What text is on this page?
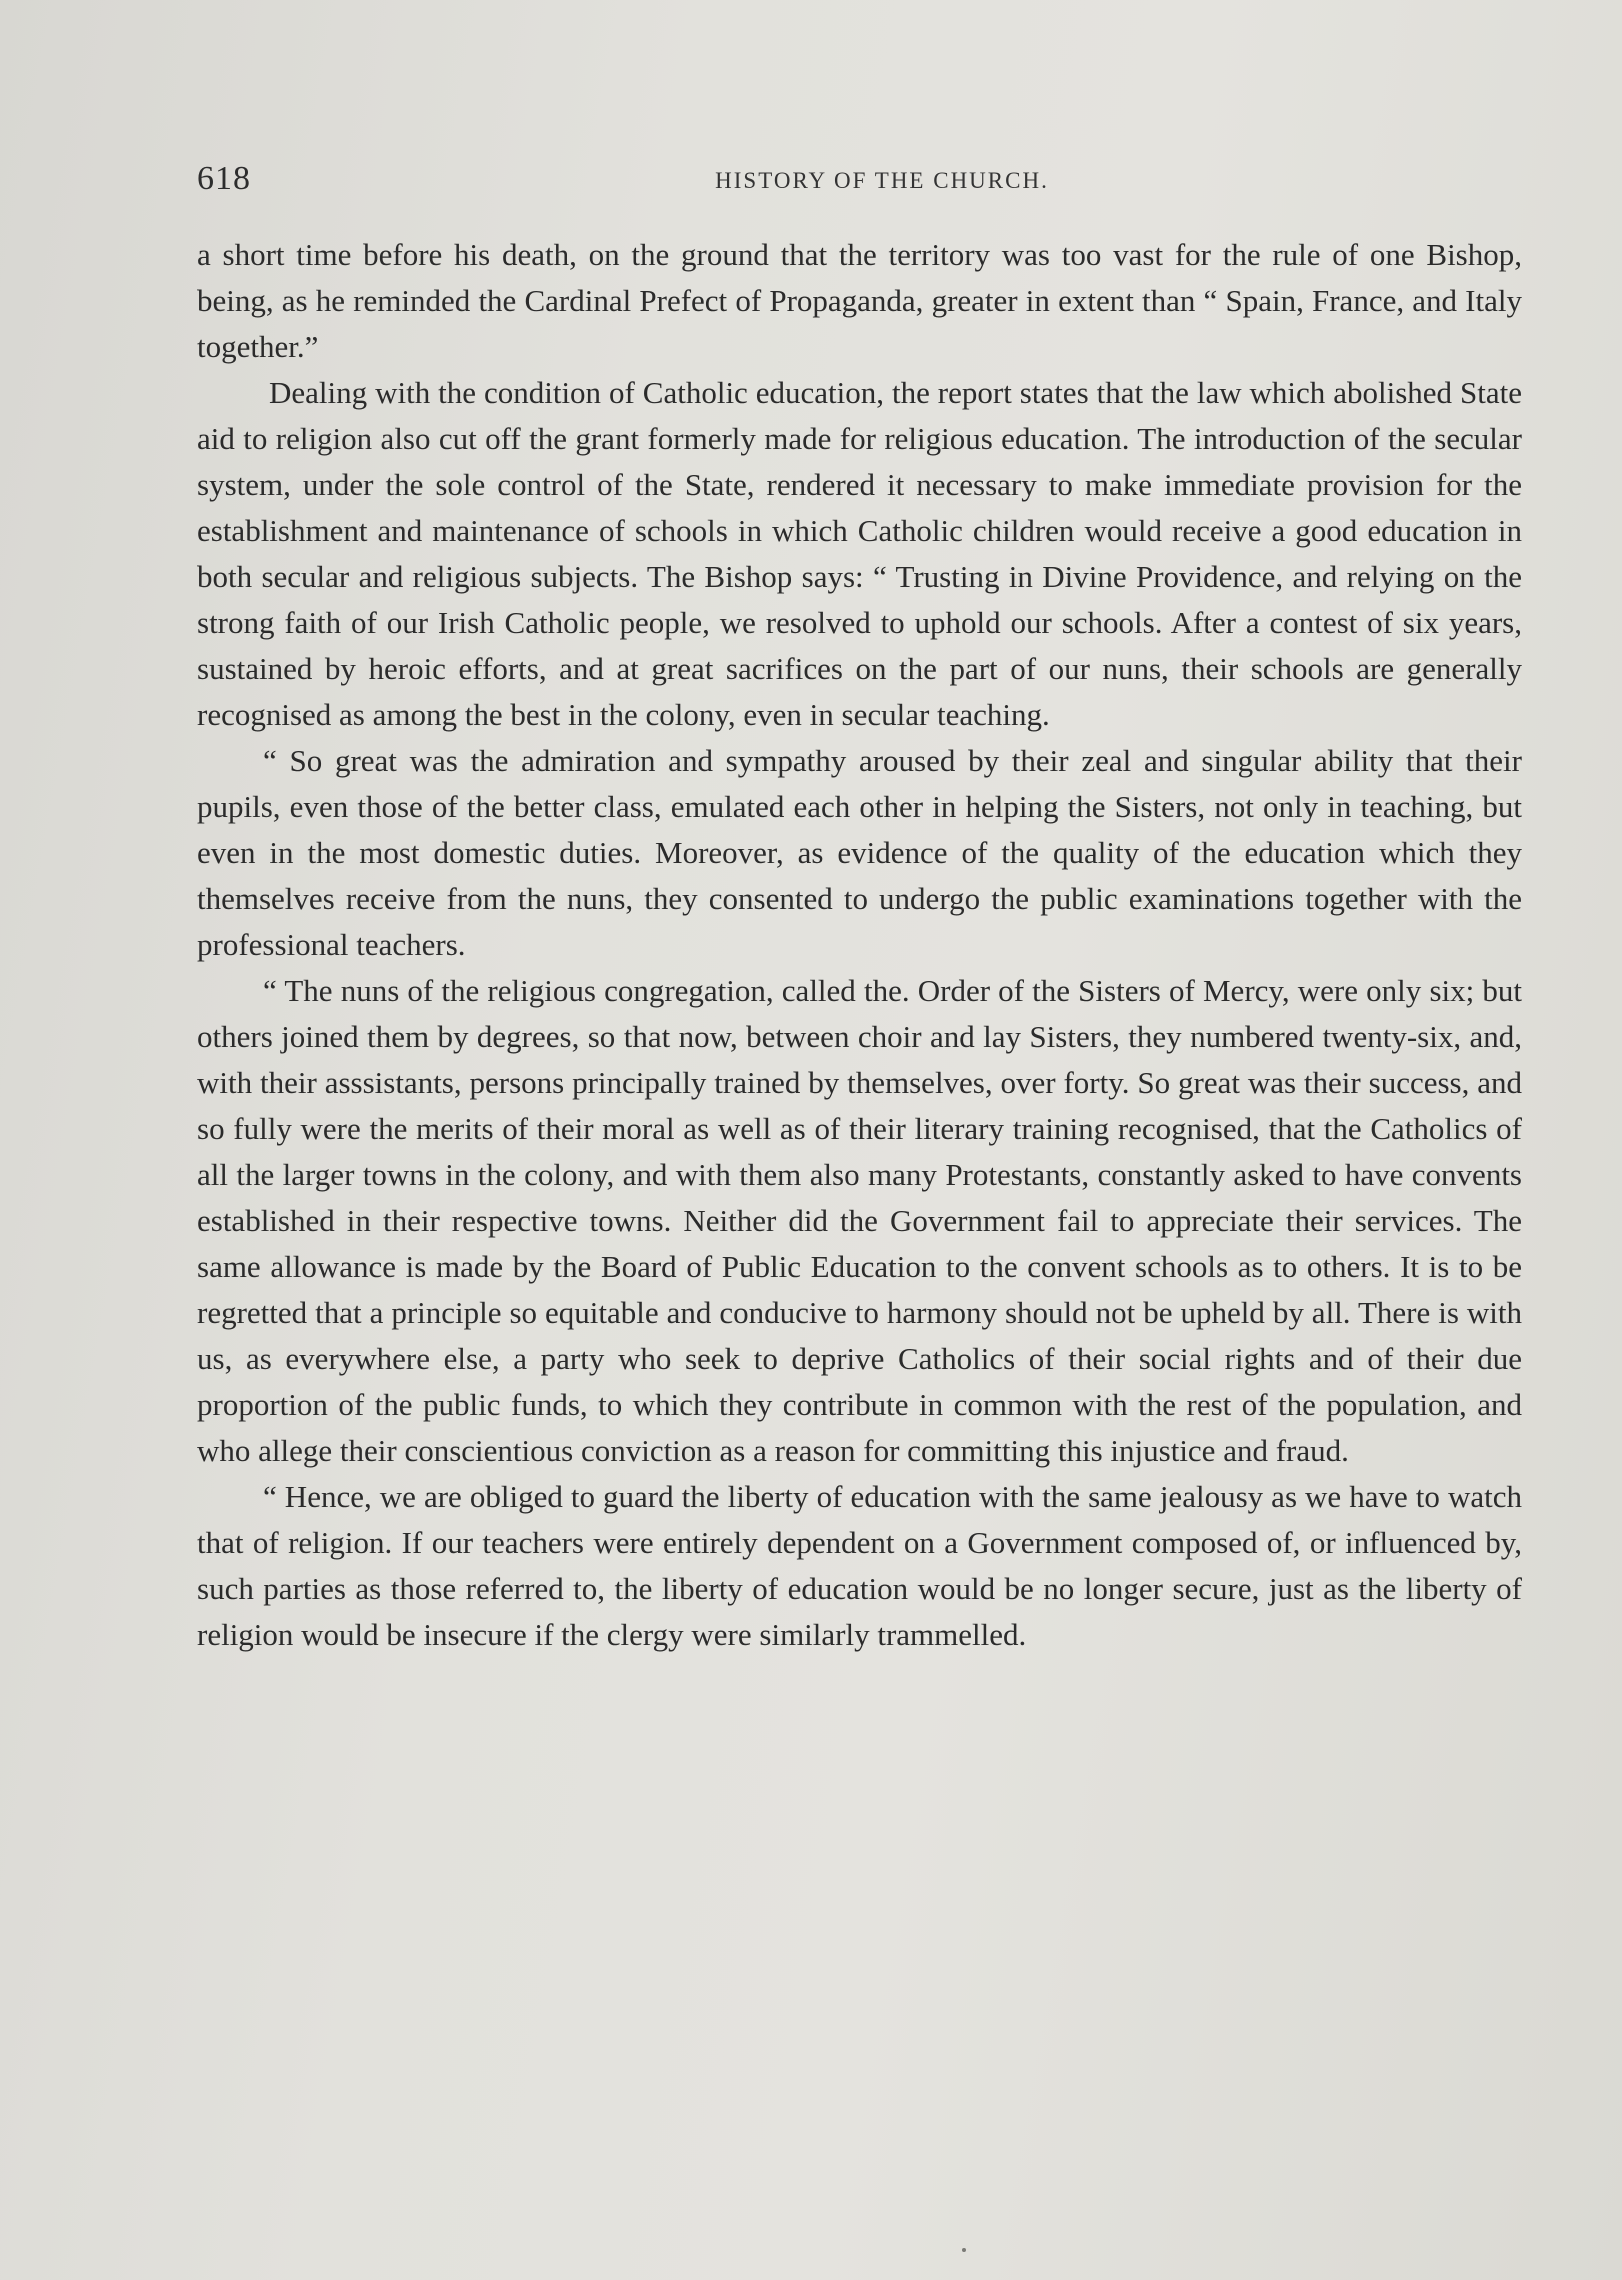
618	HISTORY OF THE CHURCH.

a short time before his death, on the ground that the territory was too vast for the rule of one Bishop, being, as he reminded the Cardinal Prefect of Propaganda, greater in extent than “ Spain, France, and Italy together.”

Dealing with the condition of Catholic education, the report states that the law which abolished State aid to religion also cut off the grant formerly made for religious education. The introduction of the secular system, under the sole control of the State, rendered it necessary to make immediate provision for the establishment and maintenance of schools in which Catholic children would receive a good education in both secular and religious subjects. The Bishop says: “ Trusting in Divine Providence, and relying on the strong faith of our Irish Catholic people, we resolved to uphold our schools. After a contest of six years, sustained by heroic efforts, and at great sacrifices on the part of our nuns, their schools are generally recognised as among the best in the colony, even in secular teaching.

“ So great was the admiration and sympathy aroused by their zeal and singular ability that their pupils, even those of the better class, emulated each other in helping the Sisters, not only in teaching, but even in the most domestic duties. Moreover, as evidence of the quality of the education which they themselves receive from the nuns, they consented to undergo the public examinations together with the professional teachers.

“ The nuns of the religious congregation, called the. Order of the Sisters of Mercy, were only six; but others joined them by degrees, so that now, between choir and lay Sisters, they numbered twenty-six, and, with their asssistants, persons principally trained by themselves, over forty. So great was their success, and so fully were the merits of their moral as well as of their literary training recognised, that the Catholics of all the larger towns in the colony, and with them also many Protestants, constantly asked to have convents established in their respective towns. Neither did the Government fail to appreciate their services. The same allowance is made by the Board of Public Education to the convent schools as to others. It is to be regretted that a principle so equitable and conducive to harmony should not be upheld by all. There is with us, as everywhere else, a party who seek to deprive Catholics of their social rights and of their due proportion of the public funds, to which they contribute in common with the rest of the population, and who allege their conscientious conviction as a reason for committing this injustice and fraud.

“ Hence, we are obliged to guard the liberty of education with the same jealousy as we have to watch that of religion. If our teachers were entirely dependent on a Government composed of, or influenced by, such parties as those referred to, the liberty of education would be no longer secure, just as the liberty of religion would be insecure if the clergy were similarly trammelled.
